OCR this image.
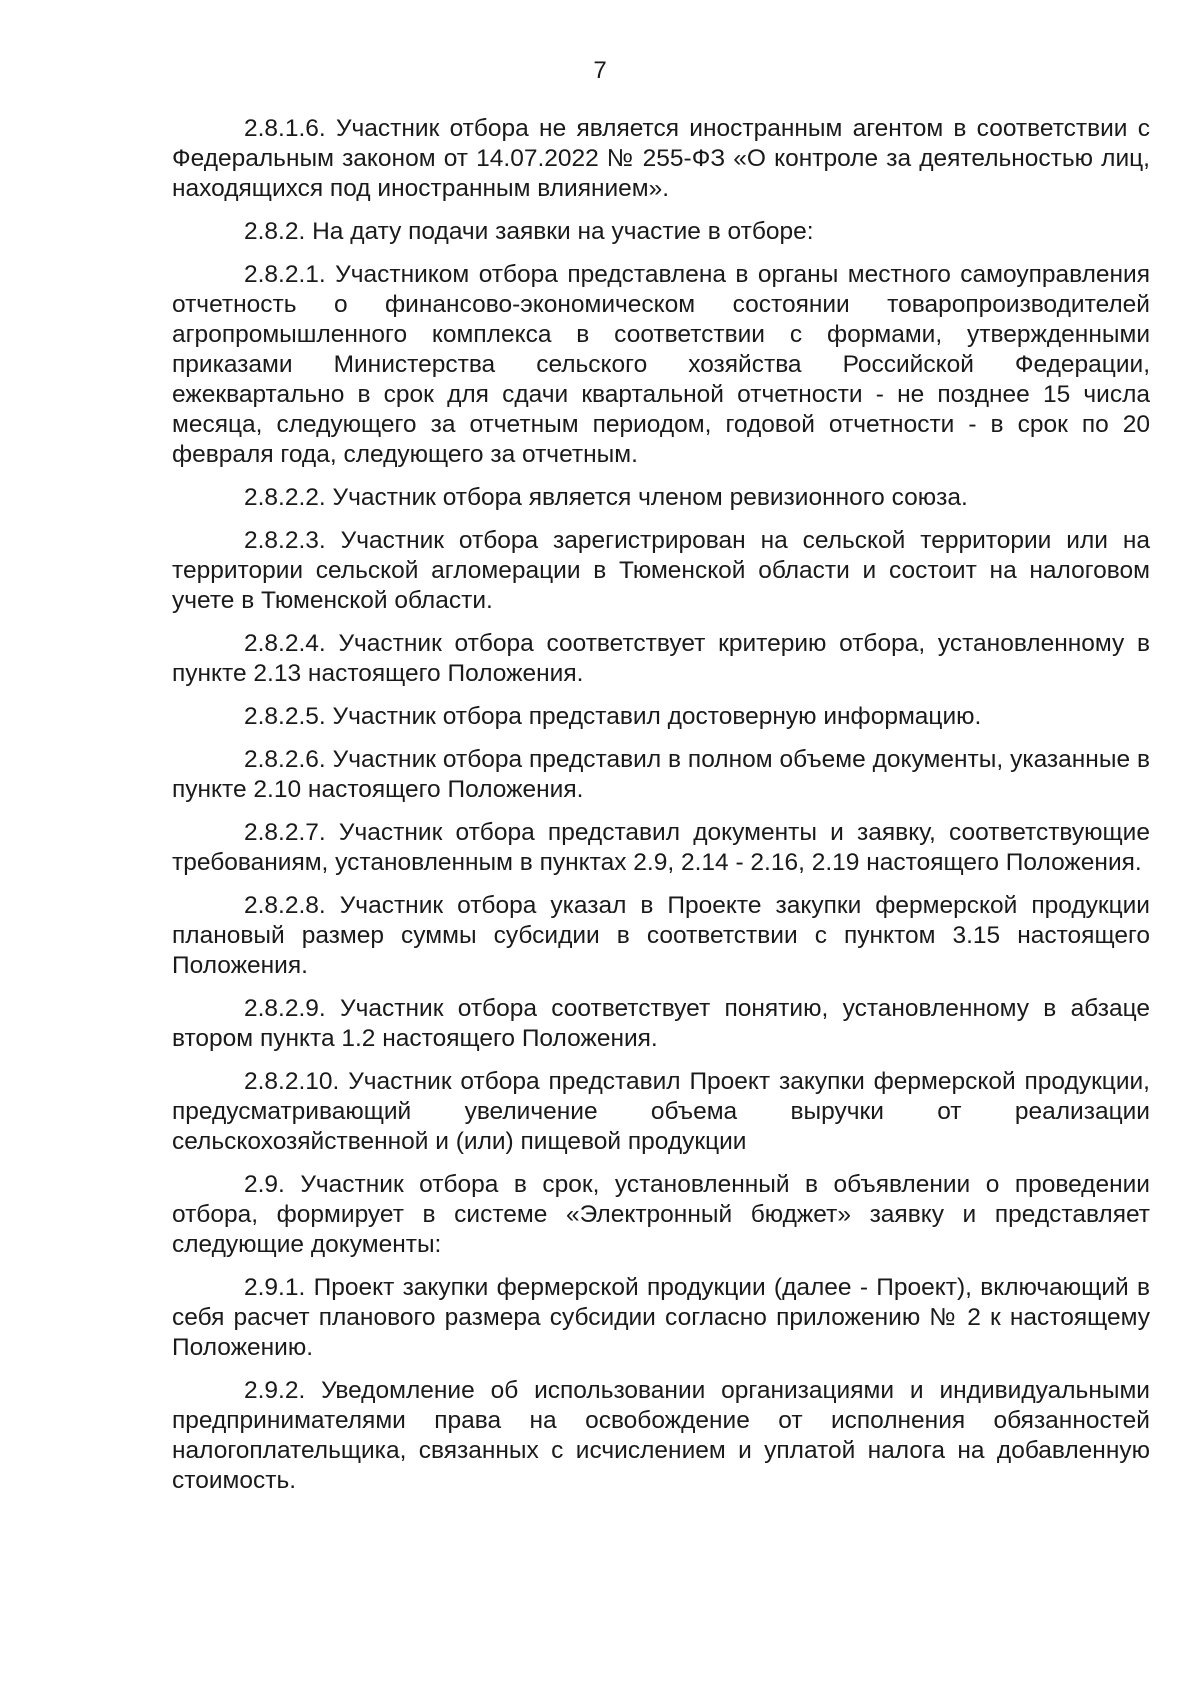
7

2.8.1.6. Участник отбора не является иностранным агентом в соответствии с Федеральным законом от 14.07.2022 № 255-ФЗ «О контроле за деятельностью лиц, находящихся под иностранным влиянием».

2.8.2. На дату подачи заявки на участие в отборе:

2.8.2.1. Участником отбора представлена в органы местного самоуправления отчетность о финансово-экономическом состоянии товаропроизводителей агропромышленного комплекса в соответствии с формами, утвержденными приказами Министерства сельского хозяйства Российской Федерации, ежеквартально в срок для сдачи квартальной отчетности - не позднее 15 числа месяца, следующего за отчетным периодом, годовой отчетности - в срок по 20 февраля года, следующего за отчетным.

2.8.2.2. Участник отбора является членом ревизионного союза.

2.8.2.3. Участник отбора зарегистрирован на сельской территории или на территории сельской агломерации в Тюменской области и состоит на налоговом учете в Тюменской области.

2.8.2.4. Участник отбора соответствует критерию отбора, установленному в пункте 2.13 настоящего Положения.

2.8.2.5. Участник отбора представил достоверную информацию.

2.8.2.6. Участник отбора представил в полном объеме документы, указанные в пункте 2.10 настоящего Положения.

2.8.2.7. Участник отбора представил документы и заявку, соответствующие требованиям, установленным в пунктах 2.9, 2.14 - 2.16, 2.19 настоящего Положения.

2.8.2.8. Участник отбора указал в Проекте закупки фермерской продукции плановый размер суммы субсидии в соответствии с пунктом 3.15 настоящего Положения.

2.8.2.9. Участник отбора соответствует понятию, установленному в абзаце втором пункта 1.2 настоящего Положения.

2.8.2.10. Участник отбора представил Проект закупки фермерской продукции, предусматривающий увеличение объема выручки от реализации сельскохозяйственной и (или) пищевой продукции

2.9. Участник отбора в срок, установленный в объявлении о проведении отбора, формирует в системе «Электронный бюджет» заявку и представляет следующие документы:

2.9.1. Проект закупки фермерской продукции (далее - Проект), включающий в себя расчет планового размера субсидии согласно приложению № 2 к настоящему Положению.

2.9.2. Уведомление об использовании организациями и индивидуальными предпринимателями права на освобождение от исполнения обязанностей налогоплательщика, связанных с исчислением и уплатой налога на добавленную стоимость.
